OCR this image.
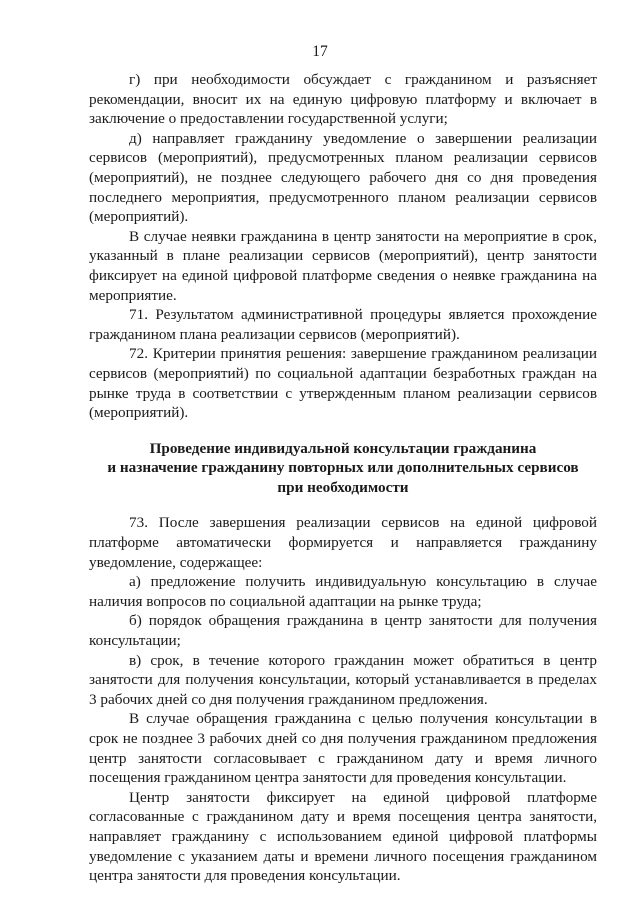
17

г) при необходимости обсуждает с гражданином и разъясняет рекомендации, вносит их на единую цифровую платформу и включает в заключение о предоставлении государственной услуги;

д) направляет гражданину уведомление о завершении реализации сервисов (мероприятий), предусмотренных планом реализации сервисов (мероприятий), не позднее следующего рабочего дня со дня проведения последнего мероприятия, предусмотренного планом реализации сервисов (мероприятий).

В случае неявки гражданина в центр занятости на мероприятие в срок, указанный в плане реализации сервисов (мероприятий), центр занятости фиксирует на единой цифровой платформе сведения о неявке гражданина на мероприятие.

71. Результатом административной процедуры является прохождение гражданином плана реализации сервисов (мероприятий).

72. Критерии принятия решения: завершение гражданином реализации сервисов (мероприятий) по социальной адаптации безработных граждан на рынке труда в соответствии с утвержденным планом реализации сервисов (мероприятий).

Проведение индивидуальной консультации гражданина
и назначение гражданину повторных или дополнительных сервисов
при необходимости

73. После завершения реализации сервисов на единой цифровой платформе автоматически формируется и направляется гражданину уведомление, содержащее:

а) предложение получить индивидуальную консультацию в случае наличия вопросов по социальной адаптации на рынке труда;

б) порядок обращения гражданина в центр занятости для получения консультации;

в) срок, в течение которого гражданин может обратиться в центр занятости для получения консультации, который устанавливается в пределах 3 рабочих дней со дня получения гражданином предложения.

В случае обращения гражданина с целью получения консультации в срок не позднее 3 рабочих дней со дня получения гражданином предложения центр занятости согласовывает с гражданином дату и время личного посещения гражданином центра занятости для проведения консультации.

Центр занятости фиксирует на единой цифровой платформе согласованные с гражданином дату и время посещения центра занятости, направляет гражданину с использованием единой цифровой платформы уведомление с указанием даты и времени личного посещения гражданином центра занятости для проведения консультации.
